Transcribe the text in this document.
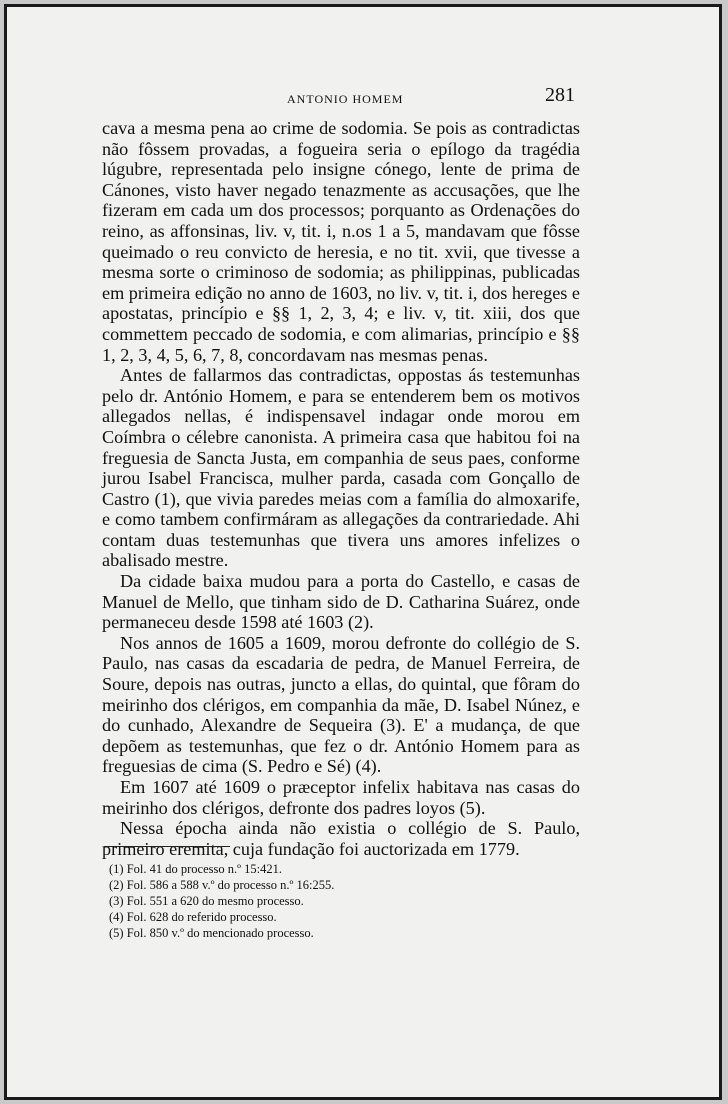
ANTONIO HOMEM	281

cava a mesma pena ao crime de sodomia. Se pois as contradictas não fôssem provadas, a fogueira seria o epílogo da tragédia lúgubre, representada pelo insigne cónego, lente de prima de Cánones, visto haver negado tenazmente as accusações, que lhe fizeram em cada um dos processos; porquanto as Ordenações do reino, as affonsinas, liv. v, tit. i, n.os 1 a 5, mandavam que fôsse queimado o reu convicto de heresia, e no tit. xvii, que tivesse a mesma sorte o criminoso de sodomia; as philippinas, publicadas em primeira edição no anno de 1603, no liv. v, tit. i, dos hereges e apostatas, princípio e §§ 1, 2, 3, 4; e liv. v, tit. xiii, dos que commettem peccado de sodomia, e com alimarias, princípio e §§ 1, 2, 3, 4, 5, 6, 7, 8, concordavam nas mesmas penas.

Antes de fallarmos das contradictas, oppostas ás testemunhas pelo dr. António Homem, e para se entenderem bem os motivos allegados nellas, é indispensavel indagar onde morou em Coímbra o célebre canonista. A primeira casa que habitou foi na freguesia de Sancta Justa, em companhia de seus paes, conforme jurou Isabel Francisca, mulher parda, casada com Gonçallo de Castro (1), que vivia paredes meias com a família do almoxarife, e como tambem confirmáram as allegações da contrariedade. Ahi contam duas testemunhas que tivera uns amores infelizes o abalisado mestre.

Da cidade baixa mudou para a porta do Castello, e casas de Manuel de Mello, que tinham sido de D. Catharina Suárez, onde permaneceu desde 1598 até 1603 (2).

Nos annos de 1605 a 1609, morou defronte do collégio de S. Paulo, nas casas da escadaria de pedra, de Manuel Ferreira, de Soure, depois nas outras, juncto a ellas, do quintal, que fôram do meirinho dos clérigos, em companhia da mãe, D. Isabel Núnez, e do cunhado, Alexandre de Sequeira (3). E' a mudança, de que depõem as testemunhas, que fez o dr. António Homem para as freguesias de cima (S. Pedro e Sé) (4).

Em 1607 até 1609 o præceptor infelix habitava nas casas do meirinho dos clérigos, defronte dos padres loyos (5).

Nessa épocha ainda não existia o collégio de S. Paulo, primeiro eremita, cuja fundação foi auctorizada em 1779.

(1) Fol. 41 do processo n.º 15:421.
(2) Fol. 586 a 588 v.º do processo n.º 16:255.
(3) Fol. 551 a 620 do mesmo processo.
(4) Fol. 628 do referido processo.
(5) Fol. 850 v.º do mencionado processo.
